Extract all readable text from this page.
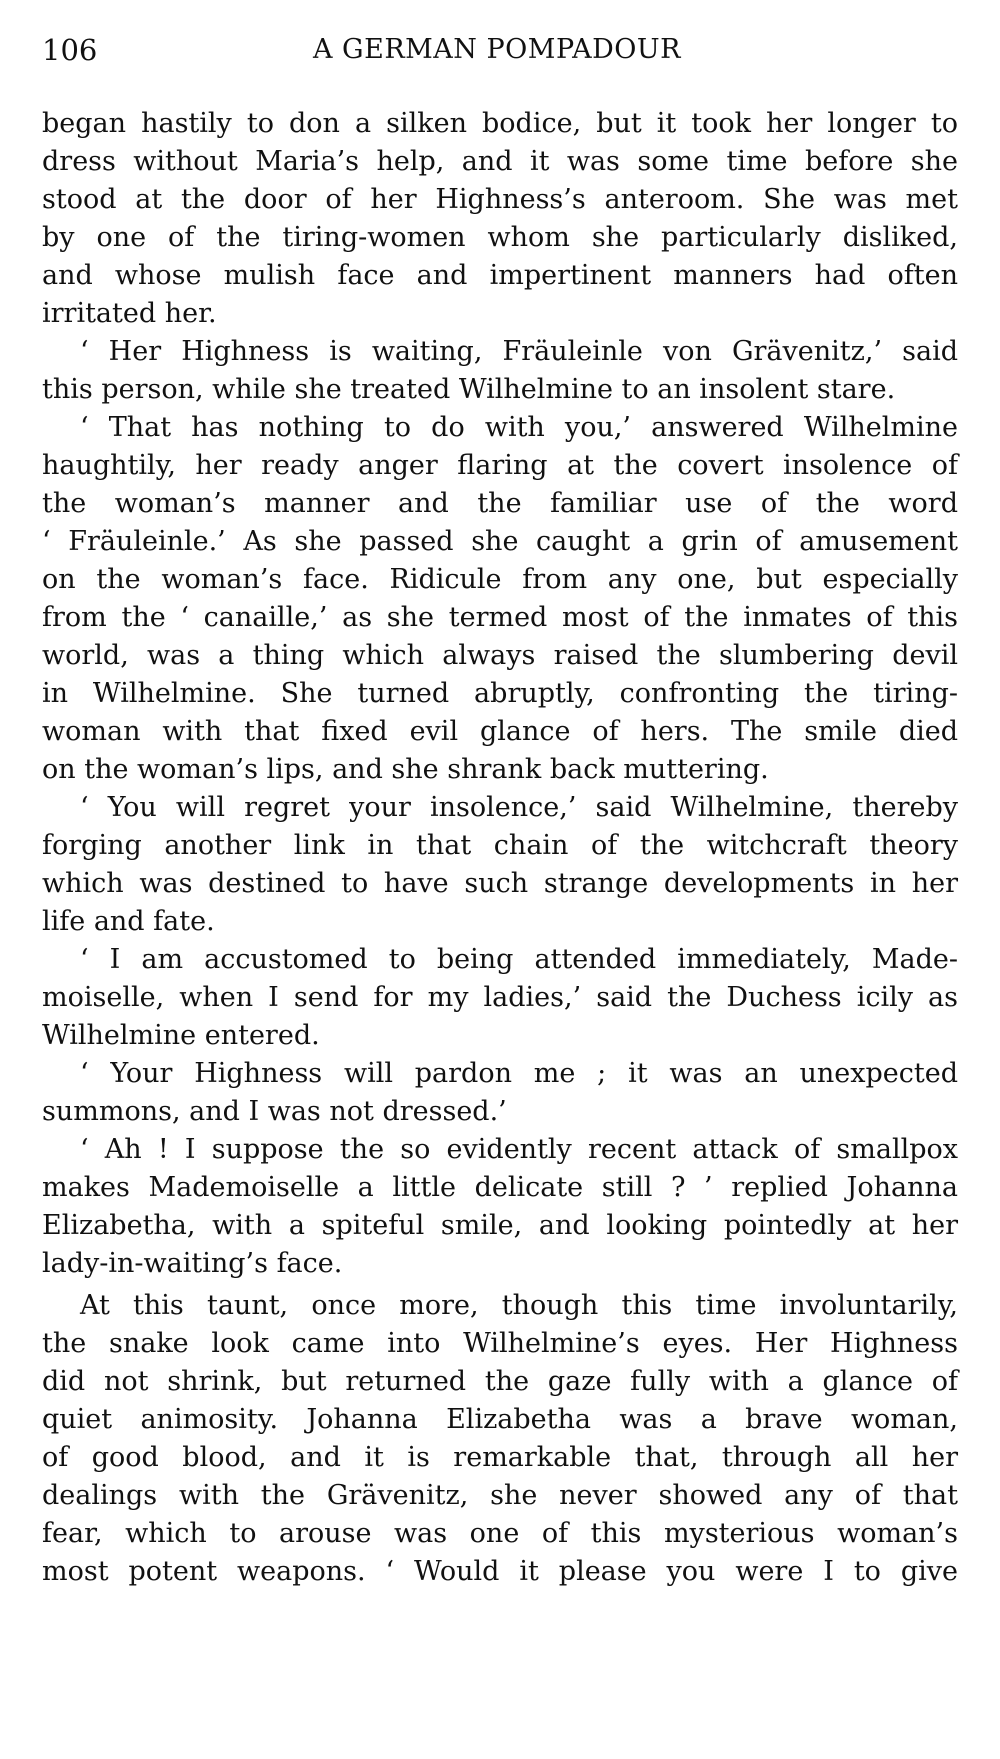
106	A GERMAN POMPADOUR
began hastily to don a silken bodice, but it took her longer to
dress without Maria’s help, and it was some time before she
stood at the door of her Highness’s anteroom. She was met
by one of the tiring-women whom she particularly disliked,
and whose mulish face and impertinent manners had often
irritated her.
‘ Her Highness is waiting, Fräuleinle von Grävenitz,’ said
this person, while she treated Wilhelmine to an insolent stare.
‘ That has nothing to do with you,’ answered Wilhelmine
haughtily, her ready anger flaring at the covert insolence of
the woman’s manner and the familiar use of the word
‘ Fräuleinle.’ As she passed she caught a grin of amusement
on the woman’s face. Ridicule from any one, but especially
from the ‘ canaille,’ as she termed most of the inmates of this
world, was a thing which always raised the slumbering devil
in Wilhelmine. She turned abruptly, confronting the tiring-
woman with that fixed evil glance of hers. The smile died
on the woman’s lips, and she shrank back muttering.
‘ You will regret your insolence,’ said Wilhelmine, thereby
forging another link in that chain of the witchcraft theory
which was destined to have such strange developments in her
life and fate.
‘ I am accustomed to being attended immediately, Made-
moiselle, when I send for my ladies,’ said the Duchess icily as
Wilhelmine entered.
‘ Your Highness will pardon me ; it was an unexpected
summons, and I was not dressed.’
‘ Ah ! I suppose the so evidently recent attack of smallpox
makes Mademoiselle a little delicate still ? ’ replied Johanna
Elizabetha, with a spiteful smile, and looking pointedly at her
lady-in-waiting’s face.
At this taunt, once more, though this time involuntarily,
the snake look came into Wilhelmine’s eyes. Her Highness
did not shrink, but returned the gaze fully with a glance of
quiet animosity. Johanna Elizabetha was a brave woman,
of good blood, and it is remarkable that, through all her
dealings with the Grävenitz, she never showed any of that
fear, which to arouse was one of this mysterious woman’s
most potent weapons. ‘ Would it please you were I to give
